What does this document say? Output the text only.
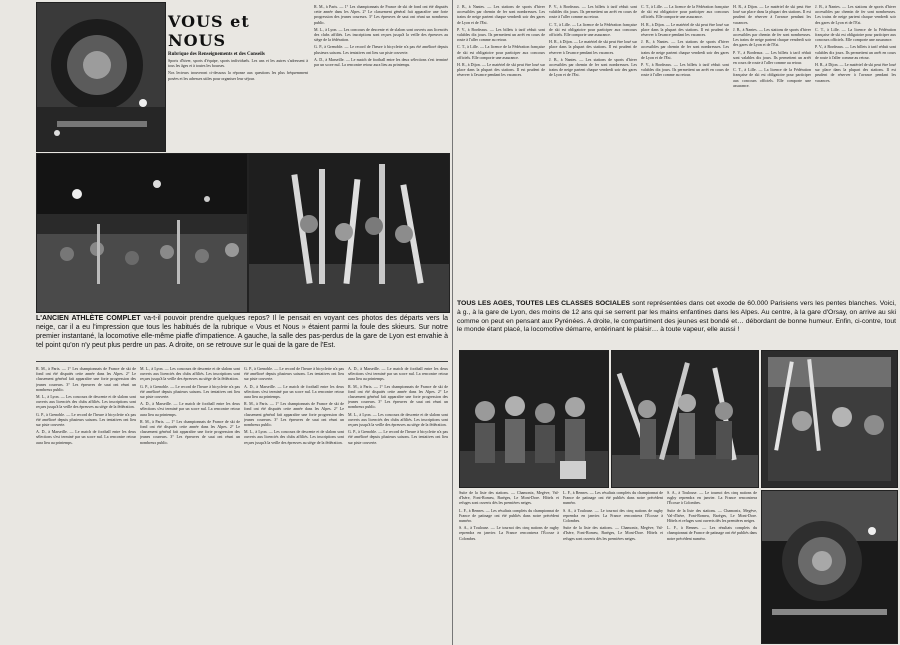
Sports d'hiver, sports d'équipe, sports individuels. Les uns et les autres s'adressent à tous les âges et à toutes les bourses.

Nos lecteurs trouveront ci-dessous la réponse aux questions les plus fréquemment posées et les adresses utiles pour organiser leur séjour.

VOUS et NOUS
Rubrique des Renseignements et des Conseils

R. M., à Paris. — 1° Les championnats de France de ski de fond ont été disputés cette année dans les Alpes. 2° Le classement général fait apparaître une forte progression des jeunes coureurs. 3° Les épreuves de saut ont réuni un nombreux public.

M. L., à Lyon. — Les concours de descente et de slalom sont ouverts aux licenciés des clubs affiliés. Les inscriptions sont reçues jusqu'à la veille des épreuves au siège de la fédération.

G. P., à Grenoble. — Le record de l'heure à bicyclette n'a pas été amélioré depuis plusieurs saisons. Les tentatives ont lieu sur piste couverte.

A. D., à Marseille. — Le match de football entre les deux sélections s'est terminé par un score nul. La rencontre retour aura lieu au printemps.

L'ANCIEN ATHLÈTE COMPLET va-t-il pouvoir prendre quelques repos? Il le pensait en voyant ces photos des départs vers la neige, car il a eu l'impression que tous les habitués de la rubrique « Vous et Nous » étaient parmi la foule des skieurs. Sur notre premier instantané, la locomotive elle-même piaffe d'impatience. A gauche, la salle des pas-perdus de la gare de Lyon est envahie à tel point qu'on n'y peut plus perdre un pas. A droite, on se retrouve sur le quai de la gare de l'Est.

R. M., à Paris. — 1° Les championnats de France de ski de fond ont été disputés cette année dans les Alpes. 2° Le classement général fait apparaître une forte progression des jeunes coureurs. 3° Les épreuves de saut ont réuni un nombreux public.

M. L., à Lyon. — Les concours de descente et de slalom sont ouverts aux licenciés des clubs affiliés. Les inscriptions sont reçues jusqu'à la veille des épreuves au siège de la fédération.

G. P., à Grenoble. — Le record de l'heure à bicyclette n'a pas été amélioré depuis plusieurs saisons. Les tentatives ont lieu sur piste couverte.

A. D., à Marseille. — Le match de football entre les deux sélections s'est terminé par un score nul. La rencontre retour aura lieu au printemps.

M. L., à Lyon. — Les concours de descente et de slalom sont ouverts aux licenciés des clubs affiliés. Les inscriptions sont reçues jusqu'à la veille des épreuves au siège de la fédération.

G. P., à Grenoble. — Le record de l'heure à bicyclette n'a pas été amélioré depuis plusieurs saisons. Les tentatives ont lieu sur piste couverte.

A. D., à Marseille. — Le match de football entre les deux sélections s'est terminé par un score nul. La rencontre retour aura lieu au printemps.

R. M., à Paris. — 1° Les championnats de France de ski de fond ont été disputés cette année dans les Alpes. 2° Le classement général fait apparaître une forte progression des jeunes coureurs. 3° Les épreuves de saut ont réuni un nombreux public.

G. P., à Grenoble. — Le record de l'heure à bicyclette n'a pas été amélioré depuis plusieurs saisons. Les tentatives ont lieu sur piste couverte.

A. D., à Marseille. — Le match de football entre les deux sélections s'est terminé par un score nul. La rencontre retour aura lieu au printemps.

R. M., à Paris. — 1° Les championnats de France de ski de fond ont été disputés cette année dans les Alpes. 2° Le classement général fait apparaître une forte progression des jeunes coureurs. 3° Les épreuves de saut ont réuni un nombreux public.

M. L., à Lyon. — Les concours de descente et de slalom sont ouverts aux licenciés des clubs affiliés. Les inscriptions sont reçues jusqu'à la veille des épreuves au siège de la fédération.

A. D., à Marseille. — Le match de football entre les deux sélections s'est terminé par un score nul. La rencontre retour aura lieu au printemps.

R. M., à Paris. — 1° Les championnats de France de ski de fond ont été disputés cette année dans les Alpes. 2° Le classement général fait apparaître une forte progression des jeunes coureurs. 3° Les épreuves de saut ont réuni un nombreux public.

M. L., à Lyon. — Les concours de descente et de slalom sont ouverts aux licenciés des clubs affiliés. Les inscriptions sont reçues jusqu'à la veille des épreuves au siège de la fédération.

G. P., à Grenoble. — Le record de l'heure à bicyclette n'a pas été amélioré depuis plusieurs saisons. Les tentatives ont lieu sur piste couverte.

J. B., à Nantes. — Les stations de sports d'hiver accessibles par chemin de fer sont nombreuses. Les trains de neige partent chaque vendredi soir des gares de Lyon et de l'Est.

P. V., à Bordeaux. — Les billets à tarif réduit sont valables dix jours. Ils permettent un arrêt en cours de route à l'aller comme au retour.

C. T., à Lille. — La licence de la Fédération française de ski est obligatoire pour participer aux concours officiels. Elle comporte une assurance.

H. R., à Dijon. — Le matériel de ski peut être loué sur place dans la plupart des stations. Il est prudent de réserver à l'avance pendant les vacances.

P. V., à Bordeaux. — Les billets à tarif réduit sont valables dix jours. Ils permettent un arrêt en cours de route à l'aller comme au retour.

C. T., à Lille. — La licence de la Fédération française de ski est obligatoire pour participer aux concours officiels. Elle comporte une assurance.

H. R., à Dijon. — Le matériel de ski peut être loué sur place dans la plupart des stations. Il est prudent de réserver à l'avance pendant les vacances.

J. B., à Nantes. — Les stations de sports d'hiver accessibles par chemin de fer sont nombreuses. Les trains de neige partent chaque vendredi soir des gares de Lyon et de l'Est.

C. T., à Lille. — La licence de la Fédération française de ski est obligatoire pour participer aux concours officiels. Elle comporte une assurance.

H. R., à Dijon. — Le matériel de ski peut être loué sur place dans la plupart des stations. Il est prudent de réserver à l'avance pendant les vacances.

J. B., à Nantes. — Les stations de sports d'hiver accessibles par chemin de fer sont nombreuses. Les trains de neige partent chaque vendredi soir des gares de Lyon et de l'Est.

P. V., à Bordeaux. — Les billets à tarif réduit sont valables dix jours. Ils permettent un arrêt en cours de route à l'aller comme au retour.

H. R., à Dijon. — Le matériel de ski peut être loué sur place dans la plupart des stations. Il est prudent de réserver à l'avance pendant les vacances.

J. B., à Nantes. — Les stations de sports d'hiver accessibles par chemin de fer sont nombreuses. Les trains de neige partent chaque vendredi soir des gares de Lyon et de l'Est.

P. V., à Bordeaux. — Les billets à tarif réduit sont valables dix jours. Ils permettent un arrêt en cours de route à l'aller comme au retour.

C. T., à Lille. — La licence de la Fédération française de ski est obligatoire pour participer aux concours officiels. Elle comporte une assurance.

J. B., à Nantes. — Les stations de sports d'hiver accessibles par chemin de fer sont nombreuses. Les trains de neige partent chaque vendredi soir des gares de Lyon et de l'Est.

C. T., à Lille. — La licence de la Fédération française de ski est obligatoire pour participer aux concours officiels. Elle comporte une assurance.

P. V., à Bordeaux. — Les billets à tarif réduit sont valables dix jours. Ils permettent un arrêt en cours de route à l'aller comme au retour.

H. R., à Dijon. — Le matériel de ski peut être loué sur place dans la plupart des stations. Il est prudent de réserver à l'avance pendant les vacances.

TOUS LES AGES, TOUTES LES CLASSES SOCIALES sont représentées dans cet exode de 60.000 Parisiens vers les pentes blanches. Voici, à g., à la gare de Lyon, des moins de 12 ans qui se serrent par les mains enfantines dans les Alpes. Au centre, à la gare d'Orsay, on arrive au ski comme on peut en pensant aux Pyrénées. A droite, le compartiment des jeunes est bondé et… débordant de bonne humeur. Enfin, ci-contre, tout le monde étant placé, la locomotive démarre, entérinant le plaisir… à toute vapeur, elle aussi !

Suite de la liste des stations. — Chamonix, Megève, Val-d'Isère, Font-Romeu, Barèges, Le Mont-Dore. Hôtels et refuges sont ouverts dès les premières neiges.

L. F., à Rennes. — Les résultats complets du championnat de France de patinage ont été publiés dans notre précédent numéro.

S. A., à Toulouse. — Le tournoi des cinq nations de rugby reprendra en janvier. La France rencontrera l'Écosse à Colombes.

L. F., à Rennes. — Les résultats complets du championnat de France de patinage ont été publiés dans notre précédent numéro.

S. A., à Toulouse. — Le tournoi des cinq nations de rugby reprendra en janvier. La France rencontrera l'Écosse à Colombes.

Suite de la liste des stations. — Chamonix, Megève, Val-d'Isère, Font-Romeu, Barèges, Le Mont-Dore. Hôtels et refuges sont ouverts dès les premières neiges.

S. A., à Toulouse. — Le tournoi des cinq nations de rugby reprendra en janvier. La France rencontrera l'Écosse à Colombes.

Suite de la liste des stations. — Chamonix, Megève, Val-d'Isère, Font-Romeu, Barèges, Le Mont-Dore. Hôtels et refuges sont ouverts dès les premières neiges.

L. F., à Rennes. — Les résultats complets du championnat de France de patinage ont été publiés dans notre précédent numéro.
